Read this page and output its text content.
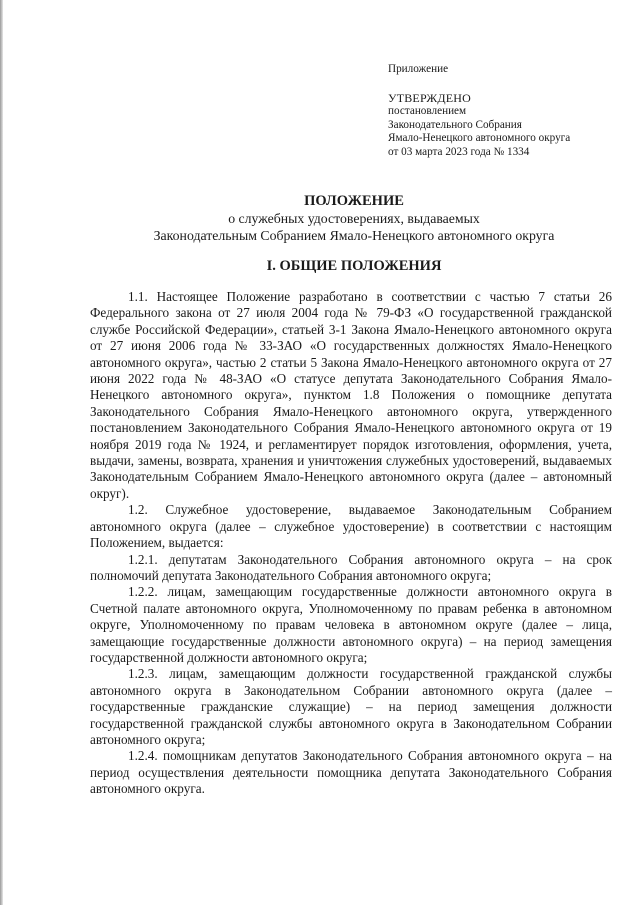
Приложение
УТВЕРЖДЕНО
постановлением
Законодательного Собрания
Ямало-Ненецкого автономного округа
от 03 марта 2023 года № 1334
ПОЛОЖЕНИЕ
о служебных удостоверениях, выдаваемых
Законодательным Собранием Ямало-Ненецкого автономного округа
I. ОБЩИЕ ПОЛОЖЕНИЯ

1.1. Настоящее Положение разработано в соответствии с частью 7 статьи 26 Федерального закона от 27 июля 2004 года № 79-ФЗ «О государственной гражданской службе Российской Федерации», статьей 3-1 Закона Ямало-Ненецкого автономного округа от 27 июня 2006 года № 33-ЗАО «О государственных должностях Ямало-Ненецкого автономного округа», частью 2 статьи 5 Закона Ямало-Ненецкого автономного округа от 27 июня 2022 года № 48-ЗАО «О статусе депутата Законодательного Собрания Ямало-Ненецкого автономного округа», пунктом 1.8 Положения о помощнике депутата Законодательного Собрания Ямало-Ненецкого автономного округа, утвержденного постановлением Законодательного Собрания Ямало-Ненецкого автономного округа от 19 ноября 2019 года № 1924, и регламентирует порядок изготовления, оформления, учета, выдачи, замены, возврата, хранения и уничтожения служебных удостоверений, выдаваемых Законодательным Собранием Ямало-Ненецкого автономного округа (далее – автономный округ).

1.2. Служебное удостоверение, выдаваемое Законодательным Собранием автономного округа (далее – служебное удостоверение) в соответствии с настоящим Положением, выдается:

1.2.1. депутатам Законодательного Собрания автономного округа – на срок полномочий депутата Законодательного Собрания автономного округа;

1.2.2. лицам, замещающим государственные должности автономного округа в Счетной палате автономного округа, Уполномоченному по правам ребенка в автономном округе, Уполномоченному по правам человека в автономном округе (далее – лица, замещающие государственные должности автономного округа) – на период замещения государственной должности автономного округа;

1.2.3. лицам, замещающим должности государственной гражданской службы автономного округа в Законодательном Собрании автономного округа (далее – государственные гражданские служащие) – на период замещения должности государственной гражданской службы автономного округа в Законодательном Собрании автономного округа;

1.2.4. помощникам депутатов Законодательного Собрания автономного округа – на период осуществления деятельности помощника депутата Законодательного Собрания автономного округа.
